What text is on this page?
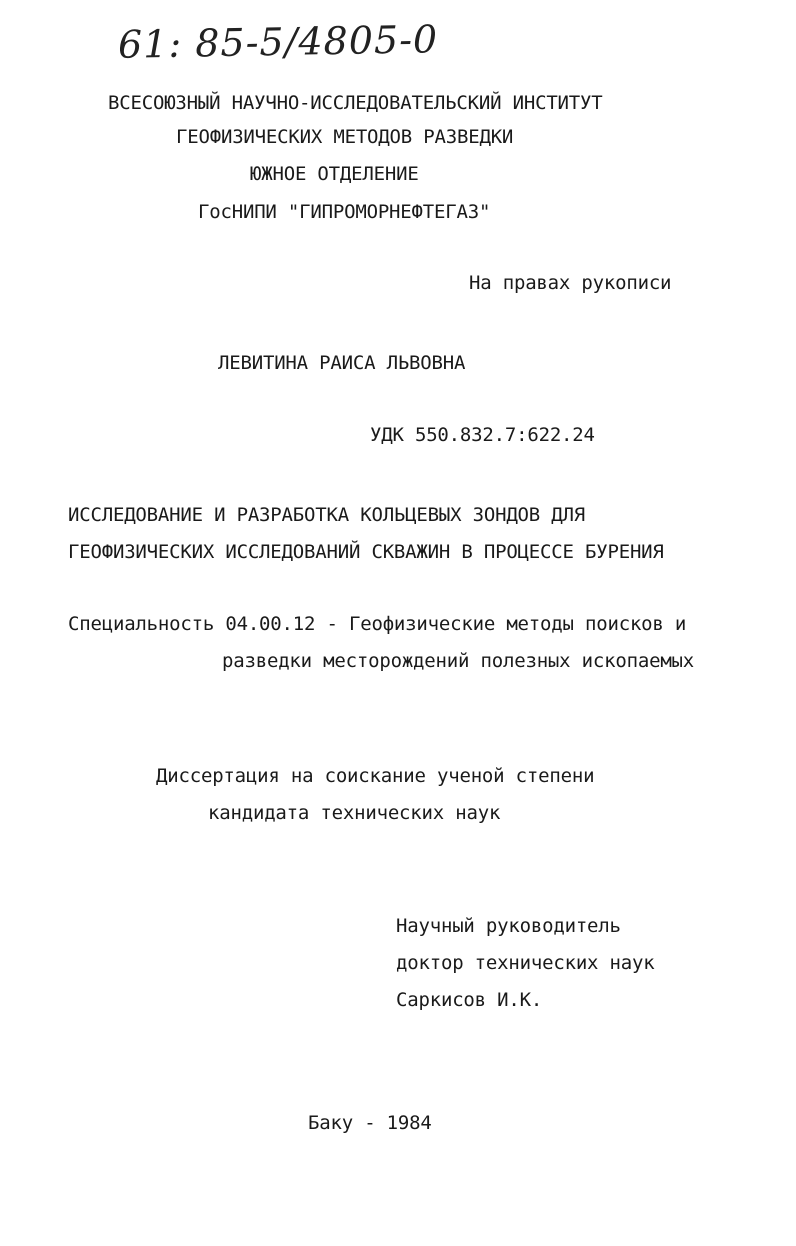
61: 85-5/4805-0
ВСЕСОЮЗНЫЙ НАУЧНО-ИССЛЕДОВАТЕЛЬСКИЙ ИНСТИТУТ
ГЕОФИЗИЧЕСКИХ МЕТОДОВ РАЗВЕДКИ
ЮЖНОЕ ОТДЕЛЕНИЕ
ГосНИПИ "ГИПРОМОРНЕФТЕГАЗ"
На правах рукописи
ЛЕВИТИНА РАИСА ЛЬВОВНА
УДК 550.832.7:622.24
ИССЛЕДОВАНИЕ И РАЗРАБОТКА КОЛЬЦЕВЫХ ЗОНДОВ ДЛЯ
ГЕОФИЗИЧЕСКИХ ИССЛЕДОВАНИЙ СКВАЖИН В ПРОЦЕССЕ БУРЕНИЯ
Специальность 04.00.12 - Геофизические методы поисков и
разведки месторождений полезных ископаемых
Диссертация на соискание ученой степени
кандидата технических наук
Научный руководитель
доктор технических наук
Саркисов И.К.
Баку - 1984
